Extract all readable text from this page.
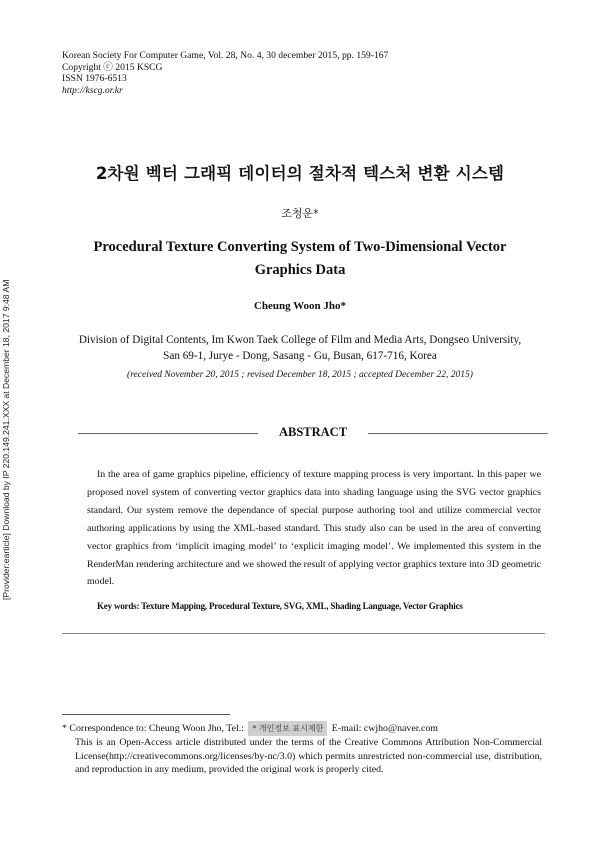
Korean Society For Computer Game, Vol. 28, No. 4, 30 december 2015, pp. 159-167
Copyright ⓒ 2015 KSCG
ISSN 1976-6513
http://kscg.or.kr
[Provider:earticle] Download by IP 220.149.241.XXX at December 18, 2017 9:48 AM
2차원 벡터 그래픽 데이터의 절차적 텍스처 변환 시스템
조청운*
Procedural Texture Converting System of Two-Dimensional Vector Graphics Data
Cheung Woon Jho*
Division of Digital Contents, Im Kwon Taek College of Film and Media Arts, Dongseo University, San 69-1, Jurye - Dong, Sasang - Gu, Busan, 617-716, Korea
(received November 20, 2015 ; revised December 18, 2015 ; accepted December 22, 2015)
ABSTRACT
In the area of game graphics pipeline, efficiency of texture mapping process is very important. In this paper we proposed novel system of converting vector graphics data into shading language using the SVG vector graphics standard. Our system remove the dependance of special purpose authoring tool and utilize commercial vector authoring applications by using the XML-based standard. This study also can be used in the area of converting vector graphics from ‘implicit imaging model’ to ‘explicit imaging model’. We implemented this system in the RenderMan rendering architecture and we showed the result of applying vector graphics texture into 3D geometric model.
Key words: Texture Mapping, Procedural Texture, SVG, XML, Shading Language, Vector Graphics
* Correspondence to: Cheung Woon Jho, Tel.: * 개인정보 표시제한 E-mail: cwjho@naver.com
This is an Open-Access article distributed under the terms of the Creative Commons Attribution Non-Commercial License(http://creativecommons.org/licenses/by-nc/3.0) which permits unrestricted non-commercial use, distribution, and reproduction in any medium, provided the original work is properly cited.
